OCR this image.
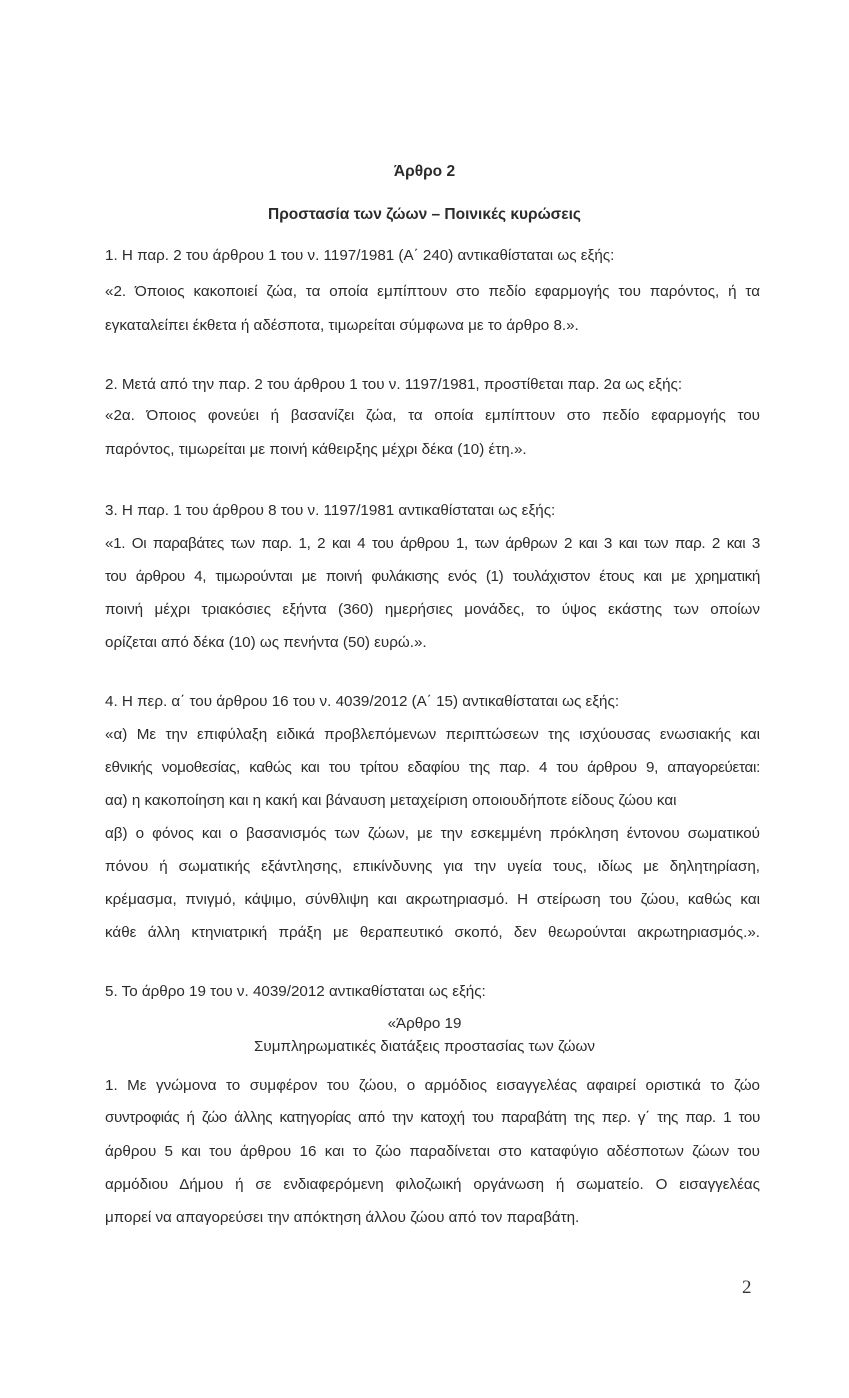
Άρθρο 2
Προστασία των ζώων – Ποινικές κυρώσεις
1. Η παρ. 2 του άρθρου 1 του ν. 1197/1981 (Α΄ 240) αντικαθίσταται ως εξής:
«2. Όποιος κακοποιεί ζώα, τα οποία εμπίπτουν στο πεδίο εφαρμογής του παρόντος, ή τα
εγκαταλείπει έκθετα ή αδέσποτα, τιμωρείται σύμφωνα με το άρθρο 8.».
2. Μετά από την παρ. 2 του άρθρου 1 του ν. 1197/1981, προστίθεται παρ. 2α ως εξής:
«2α. Όποιος φονεύει ή βασανίζει ζώα, τα οποία εμπίπτουν στο πεδίο εφαρμογής του
παρόντος, τιμωρείται με ποινή κάθειρξης μέχρι δέκα (10) έτη.».
3. Η παρ. 1 του άρθρου 8 του ν. 1197/1981 αντικαθίσταται ως εξής:
«1. Οι παραβάτες των παρ. 1, 2 και 4 του άρθρου 1, των άρθρων 2 και 3 και των παρ. 2 και 3
του άρθρου 4, τιμωρούνται με ποινή φυλάκισης ενός (1) τουλάχιστον έτους και με χρηματική
ποινή μέχρι τριακόσιες εξήντα (360) ημερήσιες μονάδες, το ύψος εκάστης των οποίων
ορίζεται από δέκα (10) ως πενήντα (50) ευρώ.».
4. Η περ. α΄ του άρθρου 16 του ν. 4039/2012 (Α΄ 15) αντικαθίσταται ως εξής:
«α) Με την επιφύλαξη ειδικά προβλεπόμενων περιπτώσεων της ισχύουσας ενωσιακής και
εθνικής νομοθεσίας, καθώς και του τρίτου εδαφίου της παρ. 4 του άρθρου 9, απαγορεύεται:
αα) η κακοποίηση και η κακή και βάναυση μεταχείριση οποιουδήποτε είδους ζώου και
αβ) ο φόνος και ο βασανισμός των ζώων, με την εσκεμμένη πρόκληση έντονου σωματικού
πόνου ή σωματικής εξάντλησης, επικίνδυνης για την υγεία τους, ιδίως με δηλητηρίαση,
κρέμασμα, πνιγμό, κάψιμο, σύνθλιψη και ακρωτηριασμό. Η στείρωση του ζώου, καθώς και
κάθε άλλη κτηνιατρική πράξη με θεραπευτικό σκοπό, δεν θεωρούνται ακρωτηριασμός.».
5. Το άρθρο 19 του ν. 4039/2012 αντικαθίσταται ως εξής:
«Άρθρο 19
Συμπληρωματικές διατάξεις προστασίας των ζώων
1. Με γνώμονα το συμφέρον του ζώου, ο αρμόδιος εισαγγελέας αφαιρεί οριστικά το ζώο
συντροφιάς ή ζώο άλλης κατηγορίας από την κατοχή του παραβάτη της περ. γ΄ της παρ. 1 του
άρθρου 5 και του άρθρου 16 και το ζώο παραδίνεται στο καταφύγιο αδέσποτων ζώων του
αρμόδιου Δήμου ή σε ενδιαφερόμενη φιλοζωική οργάνωση ή σωματείο. Ο εισαγγελέας
μπορεί να απαγορεύσει την απόκτηση άλλου ζώου από τον παραβάτη.
2
